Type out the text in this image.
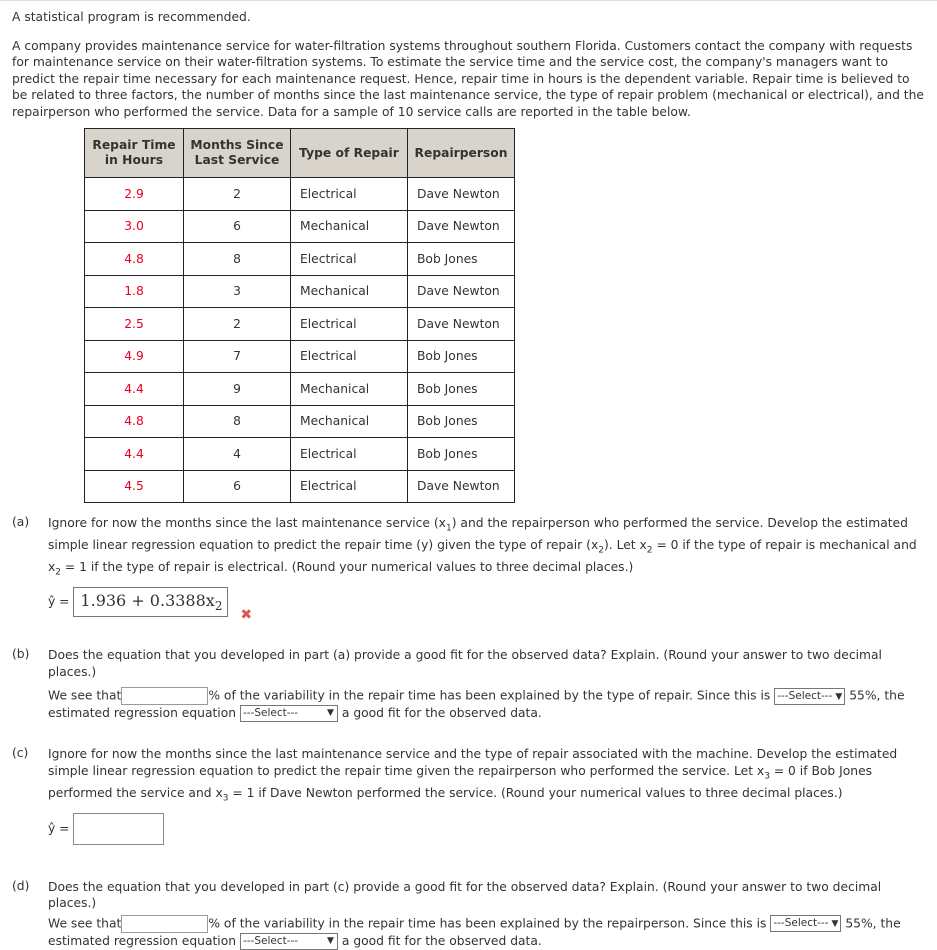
A statistical program is recommended.

A company provides maintenance service for water-filtration systems throughout southern Florida. Customers contact the company with requests for maintenance service on their water-filtration systems. To estimate the service time and the service cost, the company's managers want to predict the repair time necessary for each maintenance request. Hence, repair time in hours is the dependent variable. Repair time is believed to be related to three factors, the number of months since the last maintenance service, the type of repair problem (mechanical or electrical), and the repairperson who performed the service. Data for a sample of 10 service calls are reported in the table below.

Repair Time in Hours	Months Since Last Service	Type of Repair	Repairperson
2.9	2	Electrical	Dave Newton
3.0	6	Mechanical	Dave Newton
4.8	8	Electrical	Bob Jones
1.8	3	Mechanical	Dave Newton
2.5	2	Electrical	Dave Newton
4.9	7	Electrical	Bob Jones
4.4	9	Mechanical	Bob Jones
4.8	8	Mechanical	Bob Jones
4.4	4	Electrical	Bob Jones
4.5	6	Electrical	Dave Newton
(a)	Ignore for now the months since the last maintenance service $(x_1)$ and the repairperson who performed the service. Develop the estimated simple linear regression equation to predict the repair time (y) given the type of repair $(x_2)$. Let $x_2 = 0$ if the type of repair is mechanical and $x_2 = 1$ if the type of repair is electrical. (Round your numerical values to three decimal places.)
ŷ = $1.936 + 0.3388x_2$ ✖
(b)	Does the equation that you developed in part (a) provide a good fit for the observed data? Explain. (Round your answer to two decimal places.)
We see that	% of the variability in the repair time has been explained by the type of repair. Since this is ---Select--- ▼ 55%, the
estimated regression equation ---Select---	▼ a good fit for the observed data.
(c)	Ignore for now the months since the last maintenance service and the type of repair associated with the machine. Develop the estimated simple linear regression equation to predict the repair time given the repairperson who performed the service. Let $x_3 = 0$ if Bob Jones performed the service and $x_3 = 1$ if Dave Newton performed the service. (Round your numerical values to three decimal places.)
ŷ =
(d)	Does the equation that you developed in part (c) provide a good fit for the observed data? Explain. (Round your answer to two decimal places.)
We see that	% of the variability in the repair time has been explained by the repairperson. Since this is ---Select--- ▼ 55%, the
estimated regression equation ---Select---	▼ a good fit for the observed data.
